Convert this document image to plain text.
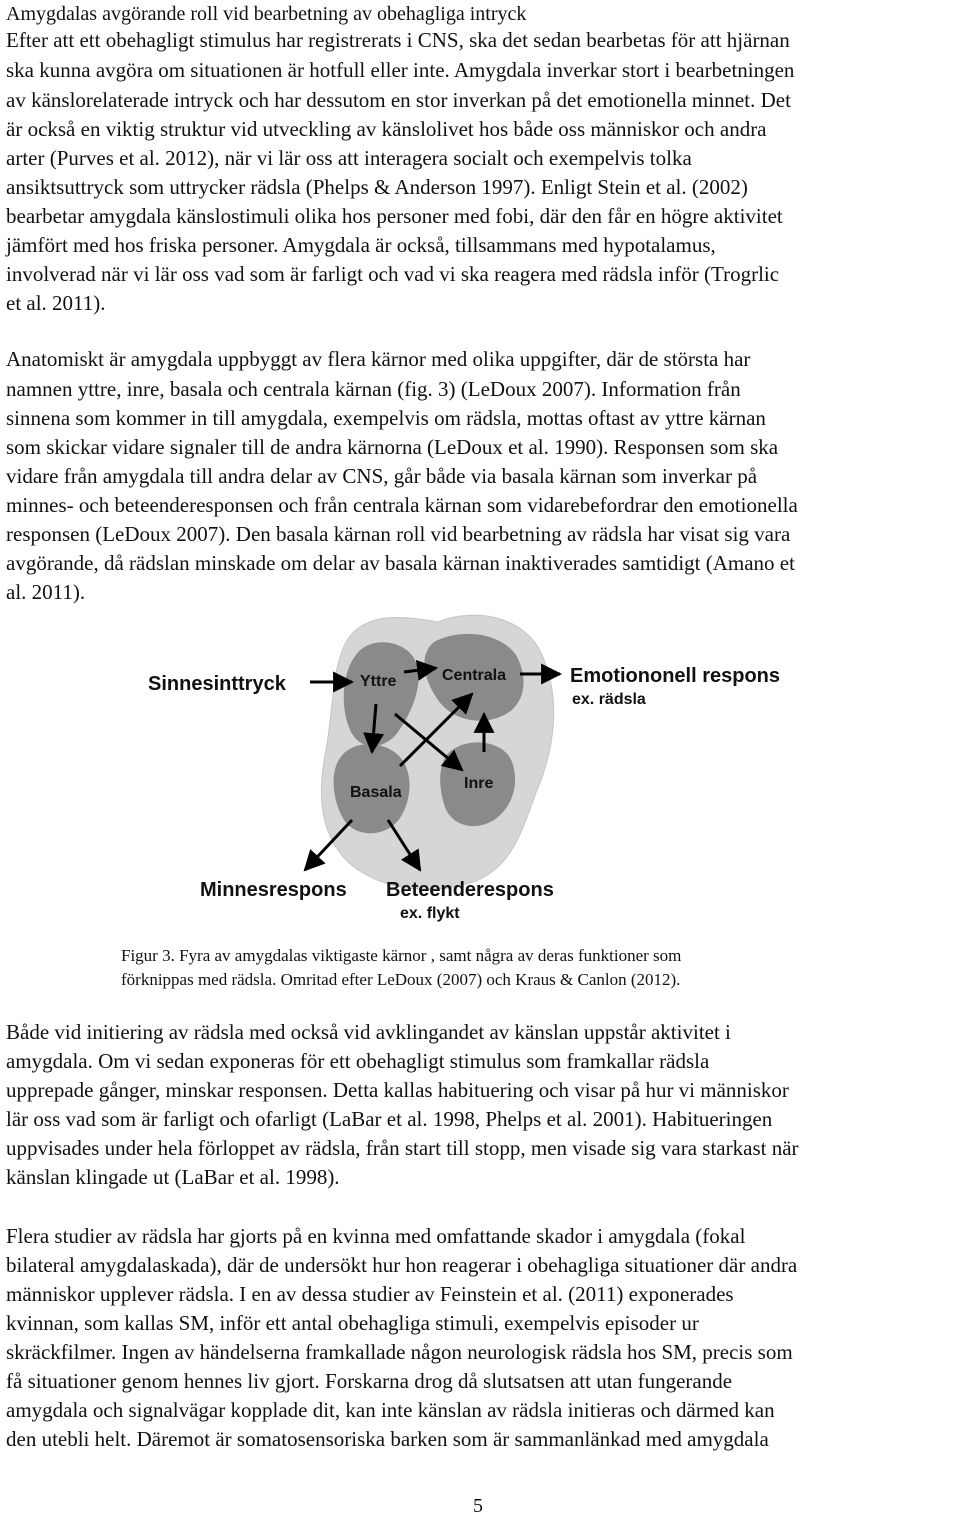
Amygdalas avgörande roll vid bearbetning av obehagliga intryck
Efter att ett obehagligt stimulus har registrerats i CNS, ska det sedan bearbetas för att hjärnan
ska kunna avgöra om situationen är hotfull eller inte. Amygdala inverkar stort i bearbetningen
av känslorelaterade intryck och har dessutom en stor inverkan på det emotionella minnet. Det
är också en viktig struktur vid utveckling av känslolivet hos både oss människor och andra
arter (Purves et al. 2012), när vi lär oss att interagera socialt och exempelvis tolka
ansiktsuttryck som uttrycker rädsla (Phelps & Anderson 1997). Enligt Stein et al. (2002)
bearbetar amygdala känslostimuli olika hos personer med fobi, där den får en högre aktivitet
jämfört med hos friska personer. Amygdala är också, tillsammans med hypotalamus,
involverad när vi lär oss vad som är farligt och vad vi ska reagera med rädsla inför (Trogrlic
et al. 2011).
Anatomiskt är amygdala uppbyggt av flera kärnor med olika uppgifter, där de största har
namnen yttre, inre, basala och centrala kärnan (fig. 3) (LeDoux 2007). Information från
sinnena som kommer in till amygdala, exempelvis om rädsla, mottas oftast av yttre kärnan
som skickar vidare signaler till de andra kärnorna (LeDoux et al. 1990). Responsen som ska
vidare från amygdala till andra delar av CNS, går både via basala kärnan som inverkar på
minnes- och beteenderesponsen och från centrala kärnan som vidarebefordrar den emotionella
responsen (LeDoux 2007). Den basala kärnan roll vid bearbetning av rädsla har visat sig vara
avgörande, då rädslan minskade om delar av basala kärnan inaktiverades samtidigt (Amano et
al. 2011).
Sinnesinttryck	Yttre	Centrala
Basala
Inre
Emotiononell respons
ex. rädsla
Minnesrespons Beteenderespons
ex. flykt
Figur 3. Fyra av amygdalas viktigaste kärnor , samt några av deras funktioner som
förknippas med rädsla. Omritad efter LeDoux (2007) och Kraus & Canlon (2012).
Både vid initiering av rädsla med också vid avklingandet av känslan uppstår aktivitet i
amygdala. Om vi sedan exponeras för ett obehagligt stimulus som framkallar rädsla
upprepade gånger, minskar responsen. Detta kallas habituering och visar på hur vi människor
lär oss vad som är farligt och ofarligt (LaBar et al. 1998, Phelps et al. 2001). Habitueringen
uppvisades under hela förloppet av rädsla, från start till stopp, men visade sig vara starkast när
känslan klingade ut (LaBar et al. 1998).
Flera studier av rädsla har gjorts på en kvinna med omfattande skador i amygdala (fokal
bilateral amygdalaskada), där de undersökt hur hon reagerar i obehagliga situationer där andra
människor upplever rädsla. I en av dessa studier av Feinstein et al. (2011) exponerades
kvinnan, som kallas SM, inför ett antal obehagliga stimuli, exempelvis episoder ur
skräckfilmer. Ingen av händelserna framkallade någon neurologisk rädsla hos SM, precis som
få situationer genom hennes liv gjort. Forskarna drog då slutsatsen att utan fungerande
amygdala och signalvägar kopplade dit, kan inte känslan av rädsla initieras och därmed kan
den utebli helt. Däremot är somatosensoriska barken som är sammanlänkad med amygdala
5
